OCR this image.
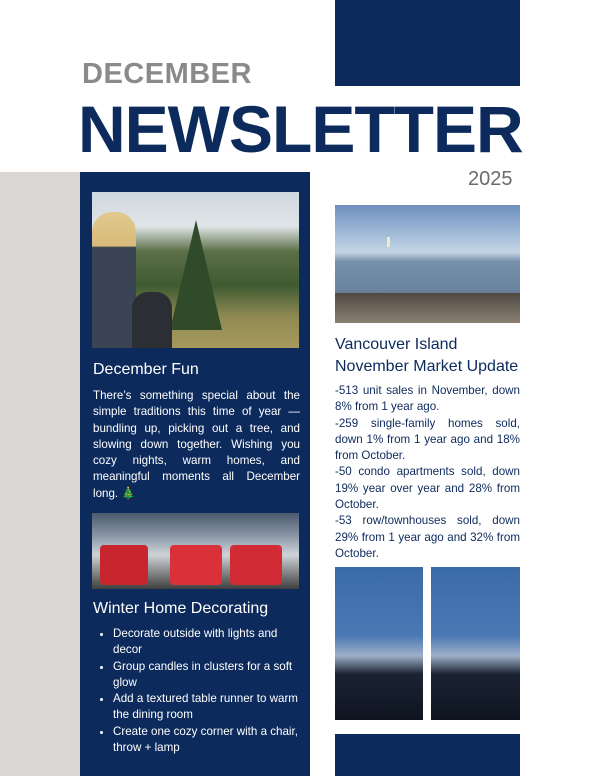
DECEMBER
NEWSLETTER
2025
December Fun
There’s something special about the simple traditions this time of year — bundling up, picking out a tree, and slowing down together. Wishing you cozy nights, warm homes, and meaningful moments all December long. 🎄
Winter Home Decorating
• Decorate outside with lights and decor
• Group candles in clusters for a soft glow
• Add a textured table runner to warm the dining room
• Create one cozy corner with a chair, throw + lamp
Vancouver Island November Market Update

-513 unit sales in November, down 8% from 1 year ago.

-259 single-family homes sold, down 1% from 1 year ago and 18% from October.

-50 condo apartments sold, down 19% year over year and 28% from October.

-53 row/townhouses sold, down 29% from 1 year ago and 32% from October.
